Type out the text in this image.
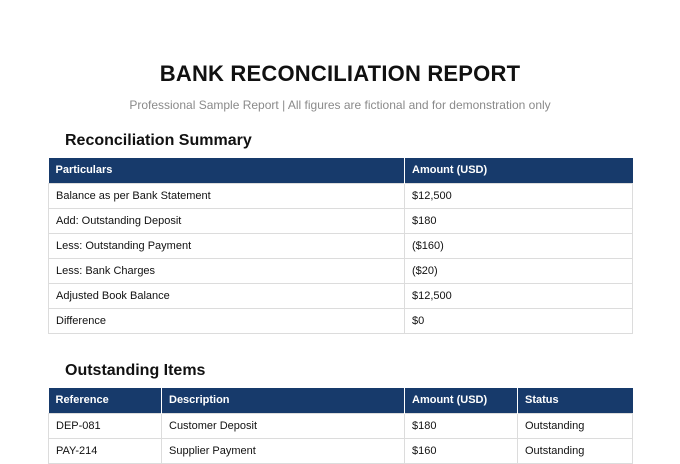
BANK RECONCILIATION REPORT
Professional Sample Report | All figures are fictional and for demonstration only
Reconciliation Summary
Particulars	Amount (USD)
Balance as per Bank Statement	$12,500
Add: Outstanding Deposit	$180
Less: Outstanding Payment	($160)
Less: Bank Charges	($20)
Adjusted Book Balance	$12,500
Difference	$0
Outstanding Items
Reference	Description	Amount (USD)	Status
DEP-081	Customer Deposit	$180	Outstanding
PAY-214	Supplier Payment	$160	Outstanding
